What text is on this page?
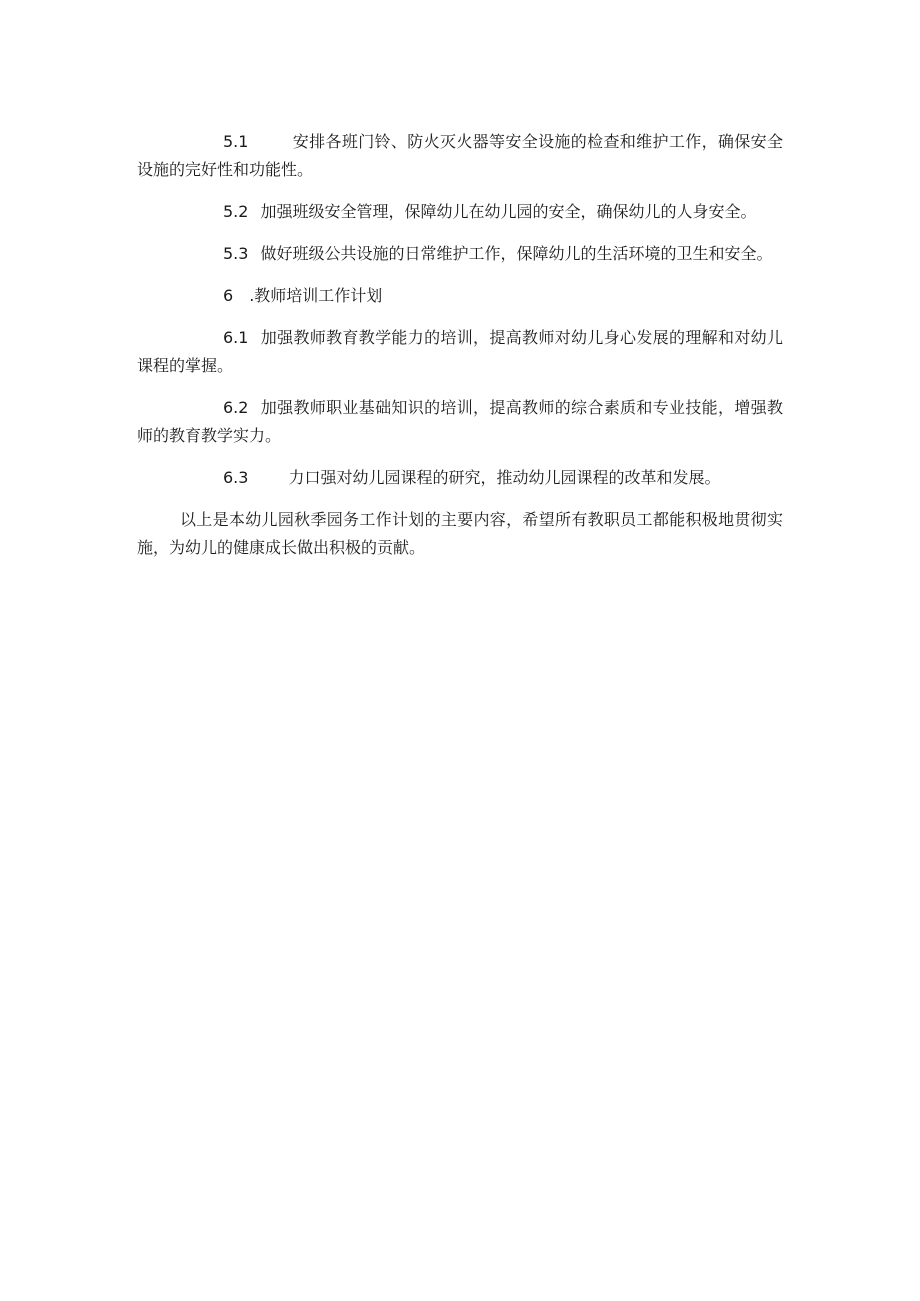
5.1	安排各班门铃、防火灭火器等安全设施的检查和维护工作，确保安全设施的完好性和功能性。

5.2 加强班级安全管理，保障幼儿在幼儿园的安全，确保幼儿的人身安全。

5.3 做好班级公共设施的日常维护工作，保障幼儿的生活环境的卫生和安全。

6 .教师培训工作计划

6.1 加强教师教育教学能力的培训，提高教师对幼儿身心发展的理解和对幼儿课程的掌握。

6.2 加强教师职业基础知识的培训，提高教师的综合素质和专业技能，增强教师的教育教学实力。

6.3	力口强对幼儿园课程的研究，推动幼儿园课程的改革和发展。

以上是本幼儿园秋季园务工作计划的主要内容，希望所有教职员工都能积极地贯彻实施，为幼儿的健康成长做出积极的贡献。
